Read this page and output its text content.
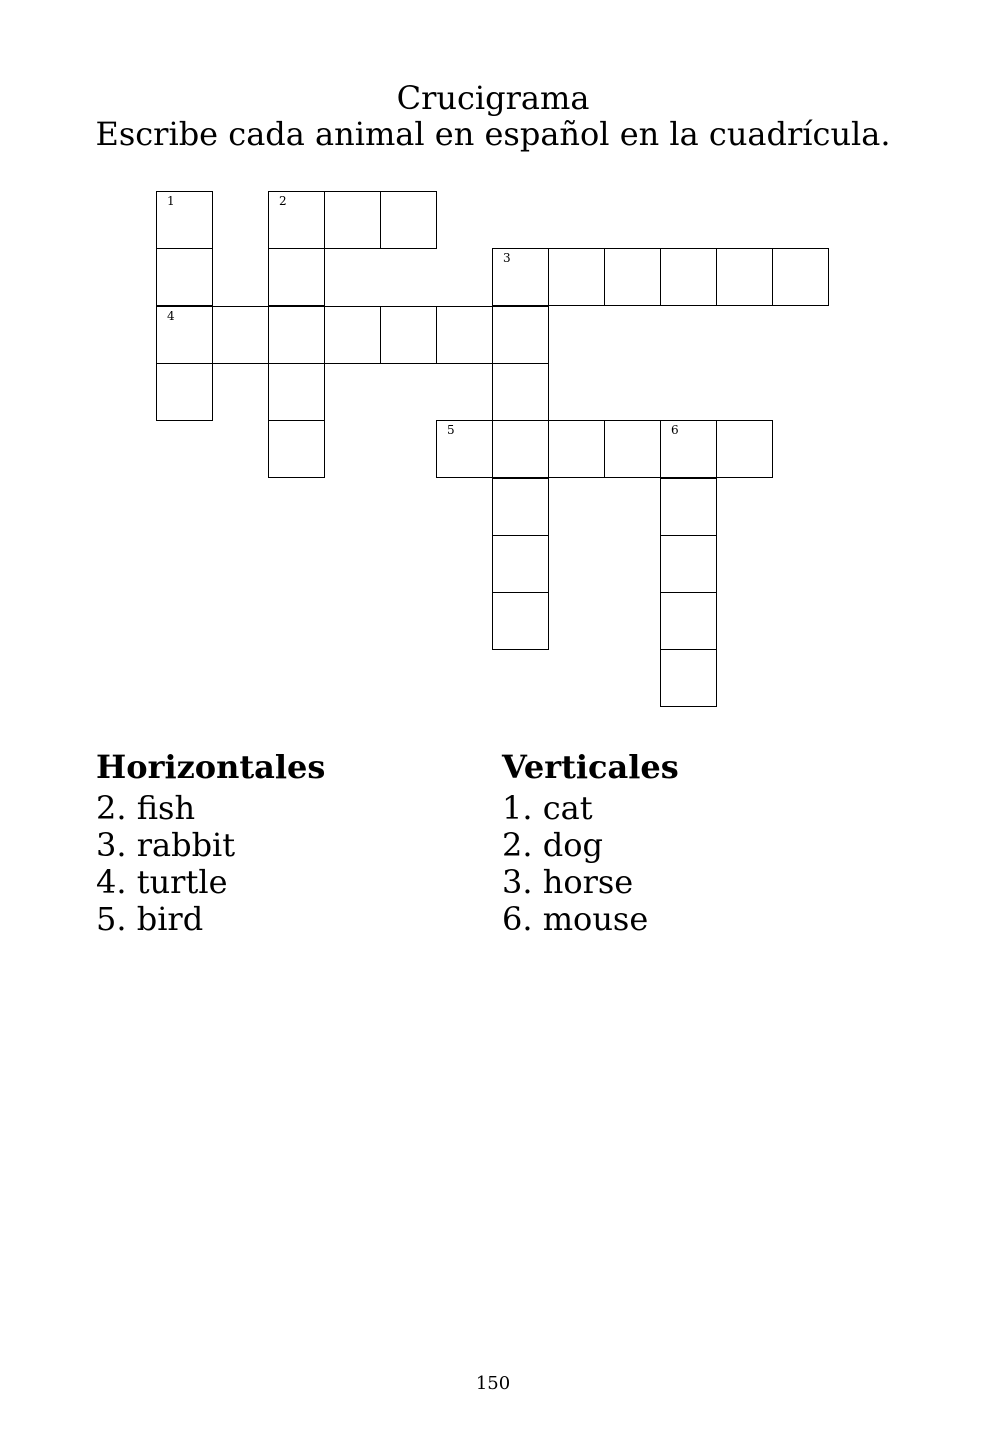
Crucigrama
Escribe cada animal en español en la cuadrícula.
1	2
3
4
5	6
Horizontales
2. fish
3. rabbit
4. turtle
5. bird
Verticales
1. cat
2. dog
3. horse
6. mouse
150
